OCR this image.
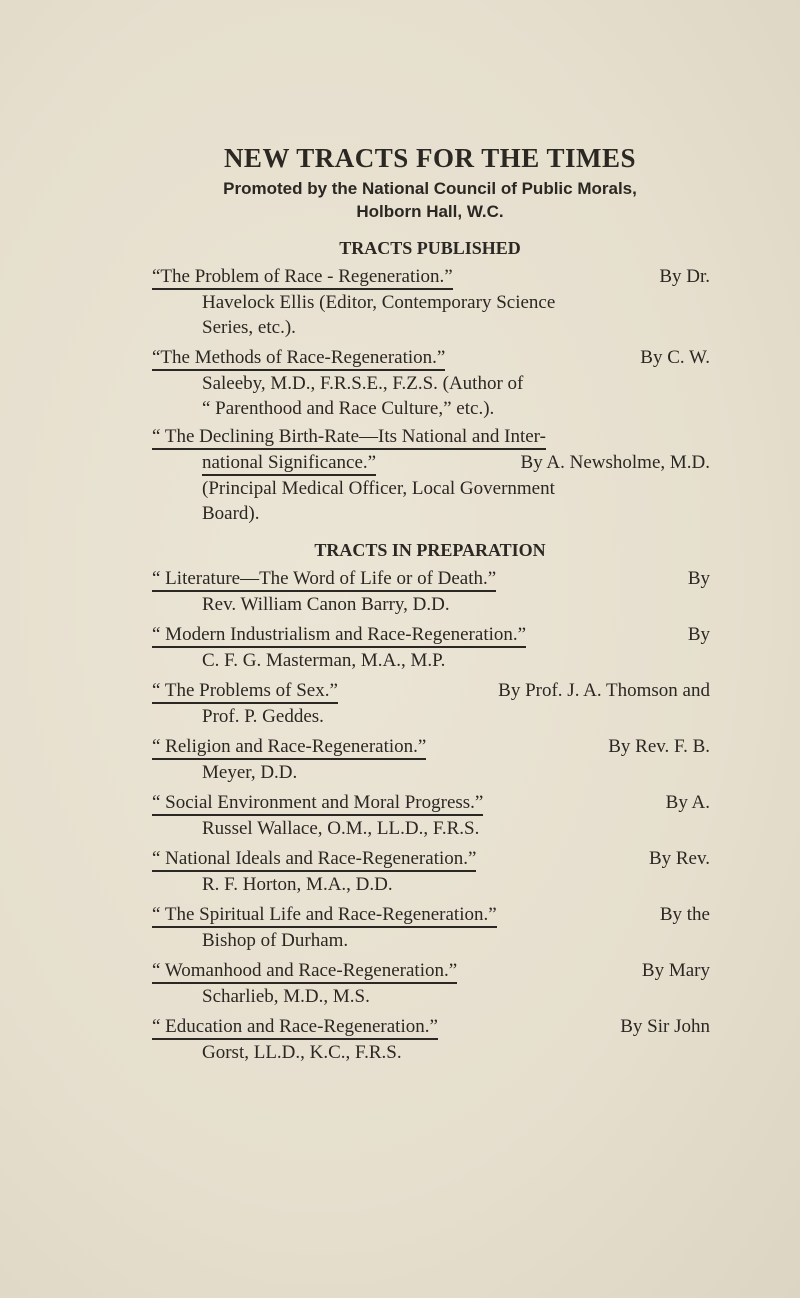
NEW TRACTS FOR THE TIMES
Promoted by the National Council of Public Morals,
Holborn Hall, W.C.
TRACTS PUBLISHED
“The Problem of Race - Regeneration.”	By Dr.
Havelock Ellis (Editor, Contemporary Science
Series, etc.).
“The Methods of Race-Regeneration.”	By C. W.
Saleeby, M.D., F.R.S.E., F.Z.S. (Author of
“ Parenthood and Race Culture,” etc.).
“ The Declining Birth-Rate—Its National and Inter-
national Significance.”	By A. Newsholme, M.D.
(Principal Medical Officer, Local Government
Board).
TRACTS IN PREPARATION
“ Literature—The Word of Life or of Death.”	By
Rev. William Canon Barry, D.D.
“ Modern Industrialism and Race-Regeneration.”	By
C. F. G. Masterman, M.A., M.P.
“ The Problems of Sex.”	By Prof. J. A. Thomson and
Prof. P. Geddes.
“ Religion and Race-Regeneration.”	By Rev. F. B.
Meyer, D.D.
“ Social Environment and Moral Progress.”	By A.
Russel Wallace, O.M., LL.D., F.R.S.
“ National Ideals and Race-Regeneration.”	By Rev.
R. F. Horton, M.A., D.D.
“ The Spiritual Life and Race-Regeneration.”	By the
Bishop of Durham.
“ Womanhood and Race-Regeneration.”	By Mary
Scharlieb, M.D., M.S.
“ Education and Race-Regeneration.”	By Sir John
Gorst, LL.D., K.C., F.R.S.
